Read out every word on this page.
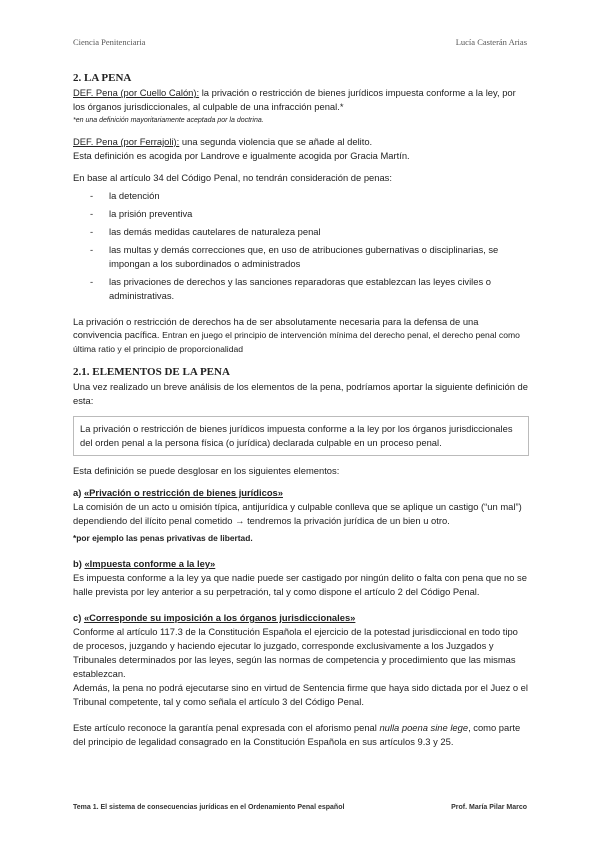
Ciencia Penitenciaria	Lucía Casterán Arias
2. LA PENA

DEF. Pena (por Cuello Calón): la privación o restricción de bienes jurídicos impuesta conforme a la ley, por los órganos jurisdiccionales, al culpable de una infracción penal.*

*en una definición mayoritariamente aceptada por la doctrina.

DEF. Pena (por Ferrajoli): una segunda violencia que se añade al delito.

Esta definición es acogida por Landrove e igualmente acogida por Gracia Martín.

En base al artículo 34 del Código Penal, no tendrán consideración de penas:

- la detención
- la prisión preventiva
- las demás medidas cautelares de naturaleza penal
- las multas y demás correcciones que, en uso de atribuciones gubernativas o disciplinarias, se impongan a los subordinados o administrados
- las privaciones de derechos y las sanciones reparadoras que establezcan las leyes civiles o administrativas.

La privación o restricción de derechos ha de ser absolutamente necesaria para la defensa de una convivencia pacífica. Entran en juego el principio de intervención mínima del derecho penal, el derecho penal como última ratio y el principio de proporcionalidad

2.1. ELEMENTOS DE LA PENA

Una vez realizado un breve análisis de los elementos de la pena, podríamos aportar la siguiente definición de esta:

La privación o restricción de bienes jurídicos impuesta conforme a la ley por los órganos jurisdiccionales del orden penal a la persona física (o jurídica) declarada culpable en un proceso penal.

Esta definición se puede desglosar en los siguientes elementos:

a) «Privación o restricción de bienes jurídicos»

La comisión de un acto u omisión típica, antijurídica y culpable conlleva que se aplique un castigo (“un mal”) dependiendo del ilícito penal cometido → tendremos la privación jurídica de un bien u otro.

*por ejemplo las penas privativas de libertad.

b) «Impuesta conforme a la ley»

Es impuesta conforme a la ley ya que nadie puede ser castigado por ningún delito o falta con pena que no se halle prevista por ley anterior a su perpetración, tal y como dispone el artículo 2 del Código Penal.

c) «Corresponde su imposición a los órganos jurisdiccionales»

Conforme al artículo 117.3 de la Constitución Española el ejercicio de la potestad jurisdiccional en todo tipo de procesos, juzgando y haciendo ejecutar lo juzgado, corresponde exclusivamente a los Juzgados y Tribunales determinados por las leyes, según las normas de competencia y procedimiento que las mismas establezcan.

Además, la pena no podrá ejecutarse sino en virtud de Sentencia firme que haya sido dictada por el Juez o el Tribunal competente, tal y como señala el artículo 3 del Código Penal.

Este artículo reconoce la garantía penal expresada con el aforismo penal nulla poena sine lege, como parte del principio de legalidad consagrado en la Constitución Española en sus artículos 9.3 y 25.

Tema 1. El sistema de consecuencias jurídicas en el Ordenamiento Penal español	Prof. María Pilar Marco
